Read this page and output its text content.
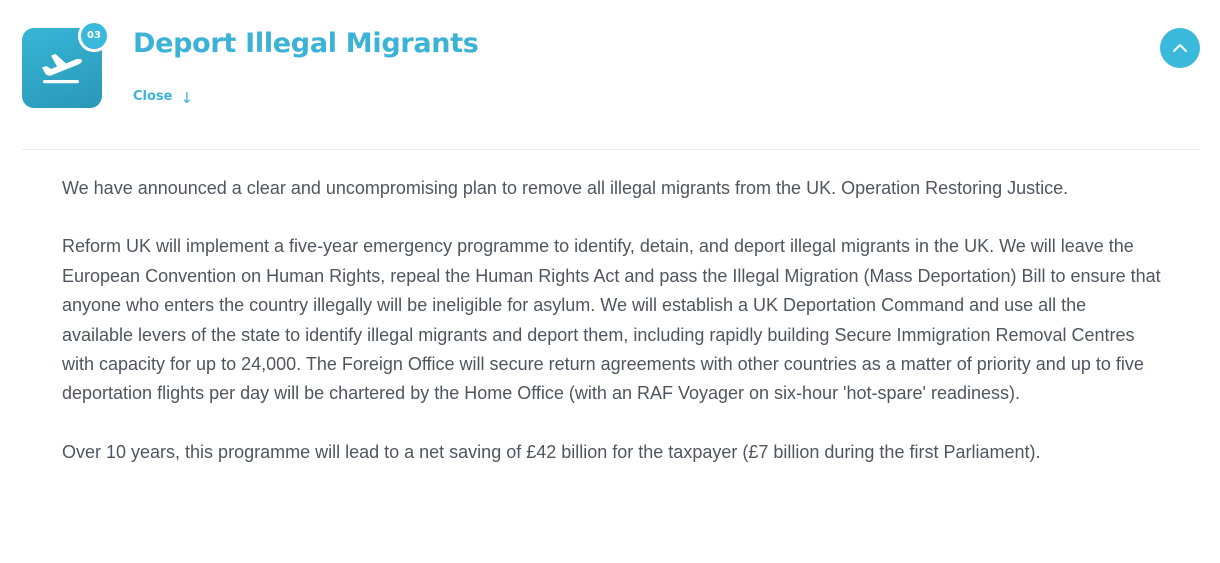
03	Deport Illegal Migrants
Close ↓

We have announced a clear and uncompromising plan to remove all illegal migrants from the UK. Operation Restoring Justice.

Reform UK will implement a five-year emergency programme to identify, detain, and deport illegal migrants in the UK. We will leave the European Convention on Human Rights, repeal the Human Rights Act and pass the Illegal Migration (Mass Deportation) Bill to ensure that anyone who enters the country illegally will be ineligible for asylum. We will establish a UK Deportation Command and use all the available levers of the state to identify illegal migrants and deport them, including rapidly building Secure Immigration Removal Centres with capacity for up to 24,000. The Foreign Office will secure return agreements with other countries as a matter of priority and up to five deportation flights per day will be chartered by the Home Office (with an RAF Voyager on six-hour 'hot-spare' readiness).

Over 10 years, this programme will lead to a net saving of £42 billion for the taxpayer (£7 billion during the first Parliament).
